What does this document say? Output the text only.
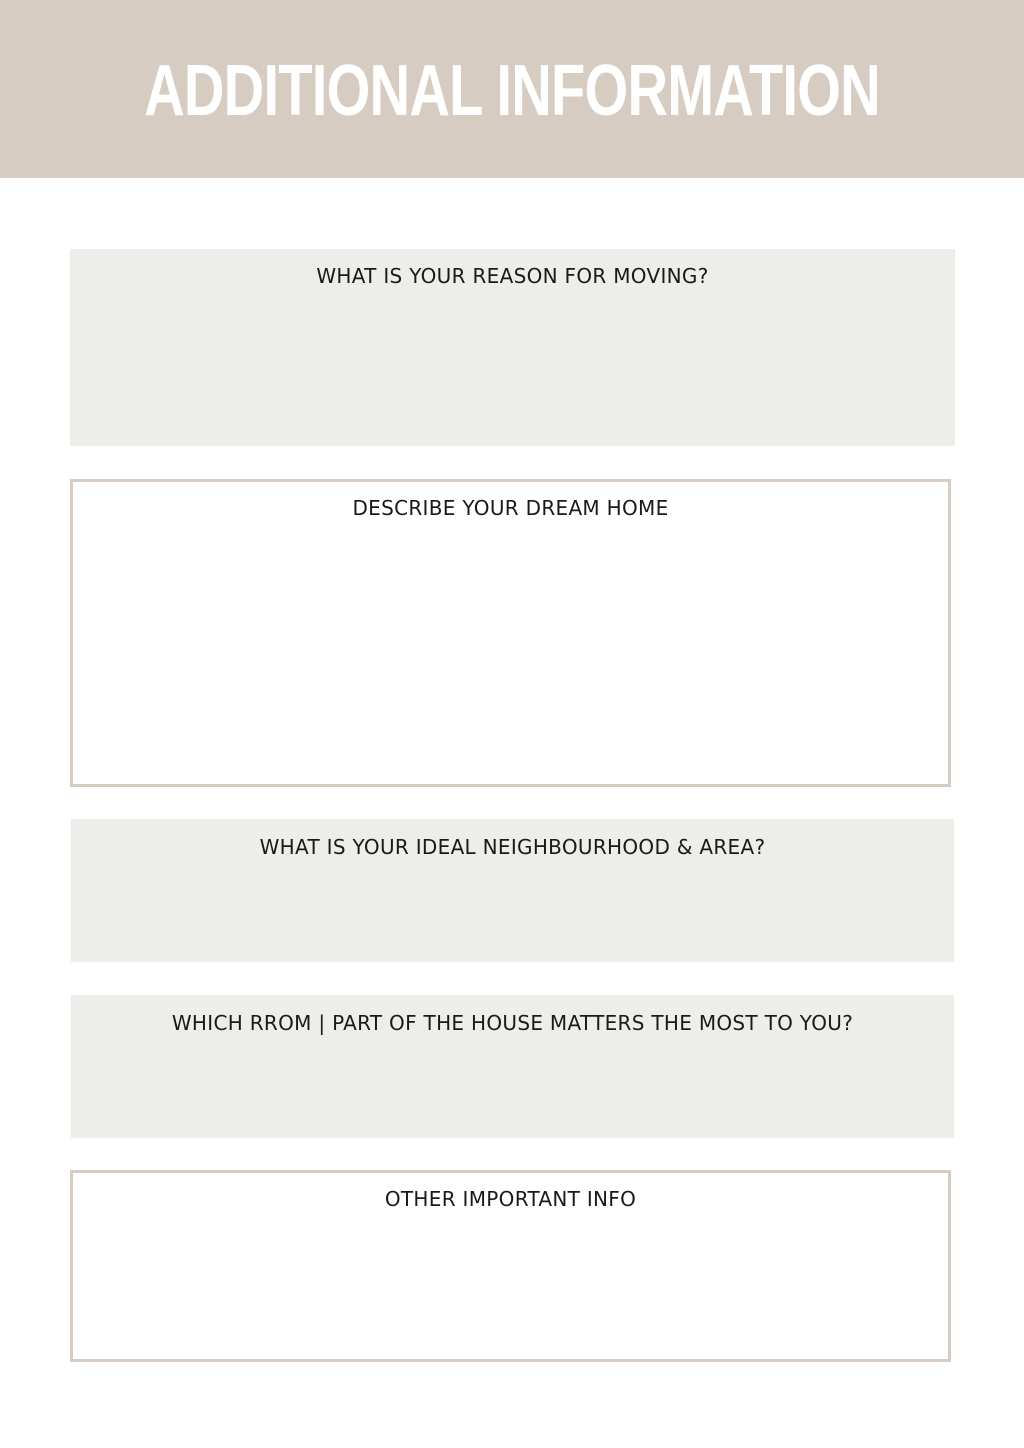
ADDITIONAL INFORMATION
WHAT IS YOUR REASON FOR MOVING?
DESCRIBE YOUR DREAM HOME
WHAT IS YOUR IDEAL NEIGHBOURHOOD & AREA?
WHICH RROM | PART OF THE HOUSE MATTERS THE MOST TO YOU?
OTHER IMPORTANT INFO
